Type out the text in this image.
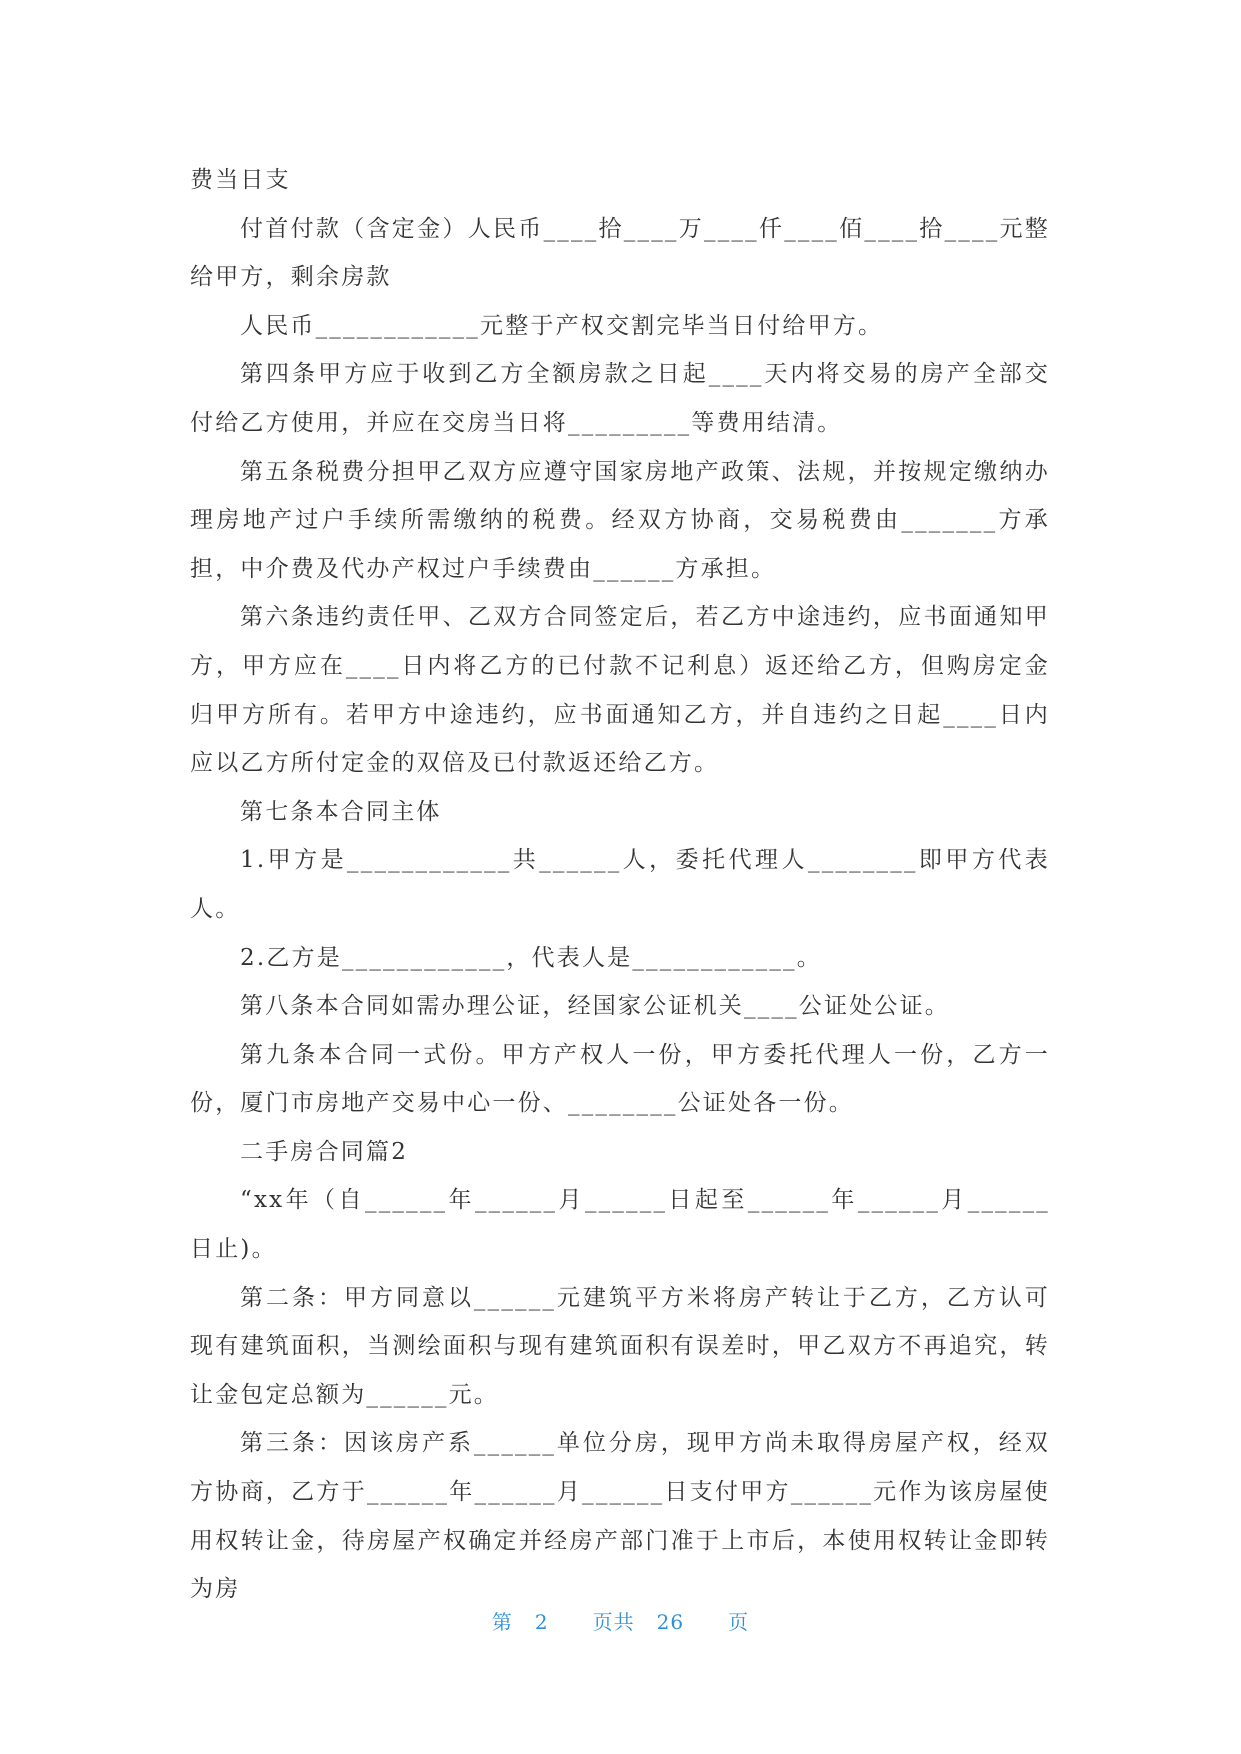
费当日支

付首付款（含定金）人民币____拾____万____仟____佰____拾____元整给甲方，剩余房款

人民币____________元整于产权交割完毕当日付给甲方。

第四条甲方应于收到乙方全额房款之日起____天内将交易的房产全部交付给乙方使用，并应在交房当日将_________等费用结清。

第五条税费分担甲乙双方应遵守国家房地产政策、法规，并按规定缴纳办理房地产过户手续所需缴纳的税费。经双方协商，交易税费由_______方承担，中介费及代办产权过户手续费由______方承担。

第六条违约责任甲、乙双方合同签定后，若乙方中途违约，应书面通知甲方，甲方应在____日内将乙方的已付款不记利息）返还给乙方，但购房定金归甲方所有。若甲方中途违约，应书面通知乙方，并自违约之日起____日内应以乙方所付定金的双倍及已付款返还给乙方。

第七条本合同主体

1.甲方是____________共______人，委托代理人________即甲方代表人。

2.乙方是____________，代表人是____________。

第八条本合同如需办理公证，经国家公证机关____公证处公证。

第九条本合同一式份。甲方产权人一份，甲方委托代理人一份，乙方一份，厦门市房地产交易中心一份、________公证处各一份。

二手房合同篇2

“xx年（自______年______月______日起至______年______月______日止)。

第二条：甲方同意以______元建筑平方米将房产转让于乙方，乙方认可现有建筑面积，当测绘面积与现有建筑面积有误差时，甲乙双方不再追究，转让金包定总额为______元。

第三条：因该房产系______单位分房，现甲方尚未取得房屋产权，经双方协商，乙方于______年______月______日支付甲方______元作为该房屋使用权转让金，待房屋产权确定并经房产部门准于上市后，本使用权转让金即转为房

第 2 页共 26 页
